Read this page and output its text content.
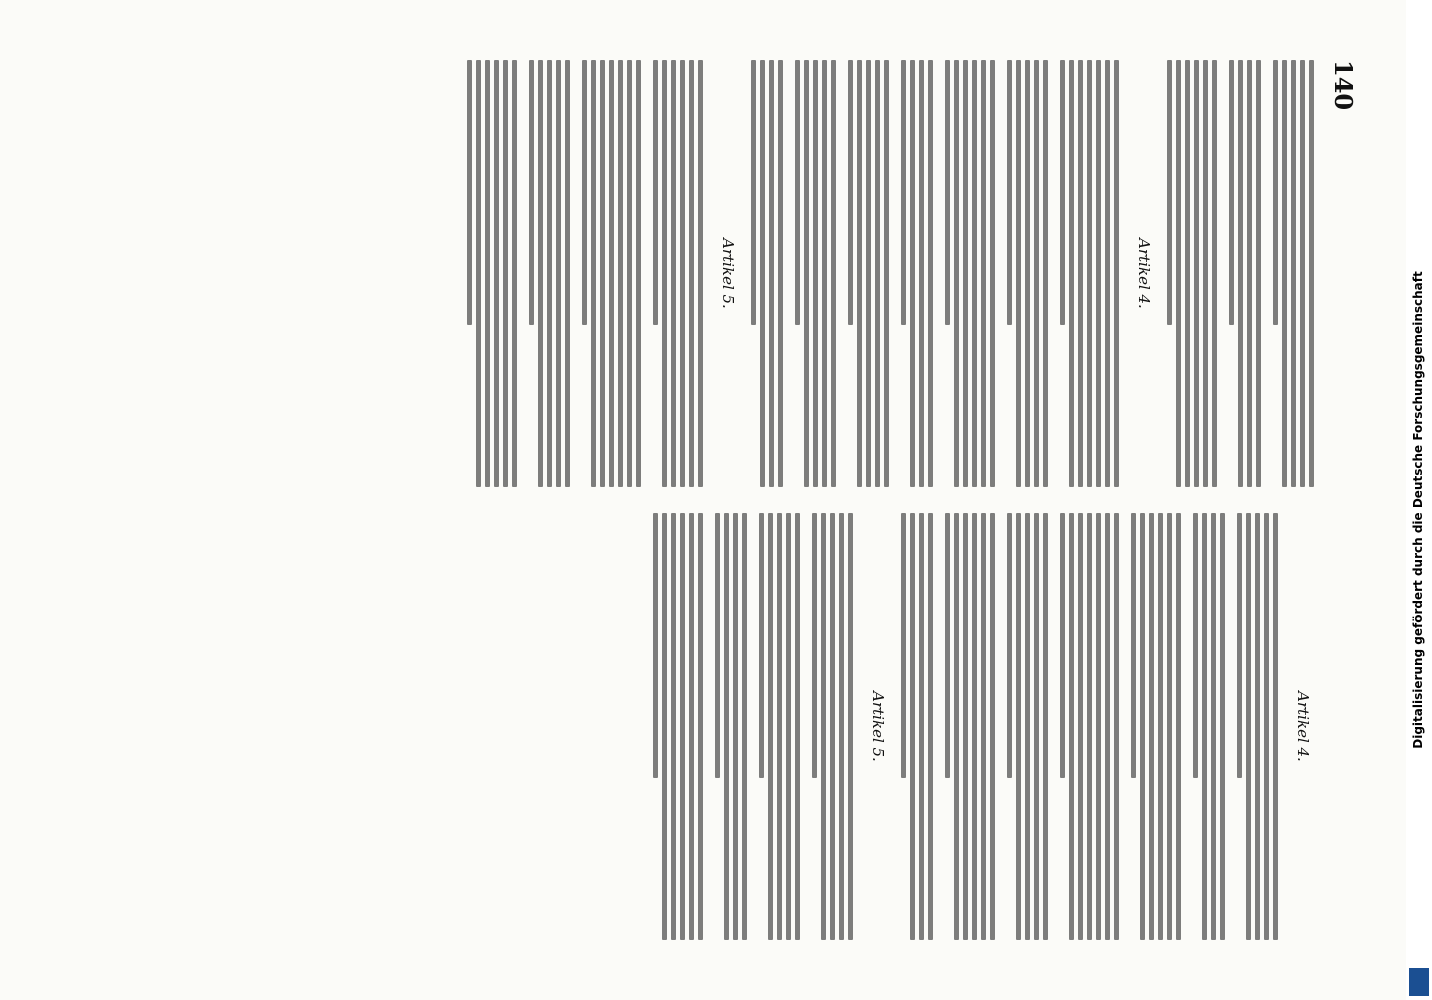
140
Artikel 4.
Artikel 5.
Artikel 4.
Artikel 5.	Digitalisierung gefördert durch die Deutsche Forschungsgemeinschaft
